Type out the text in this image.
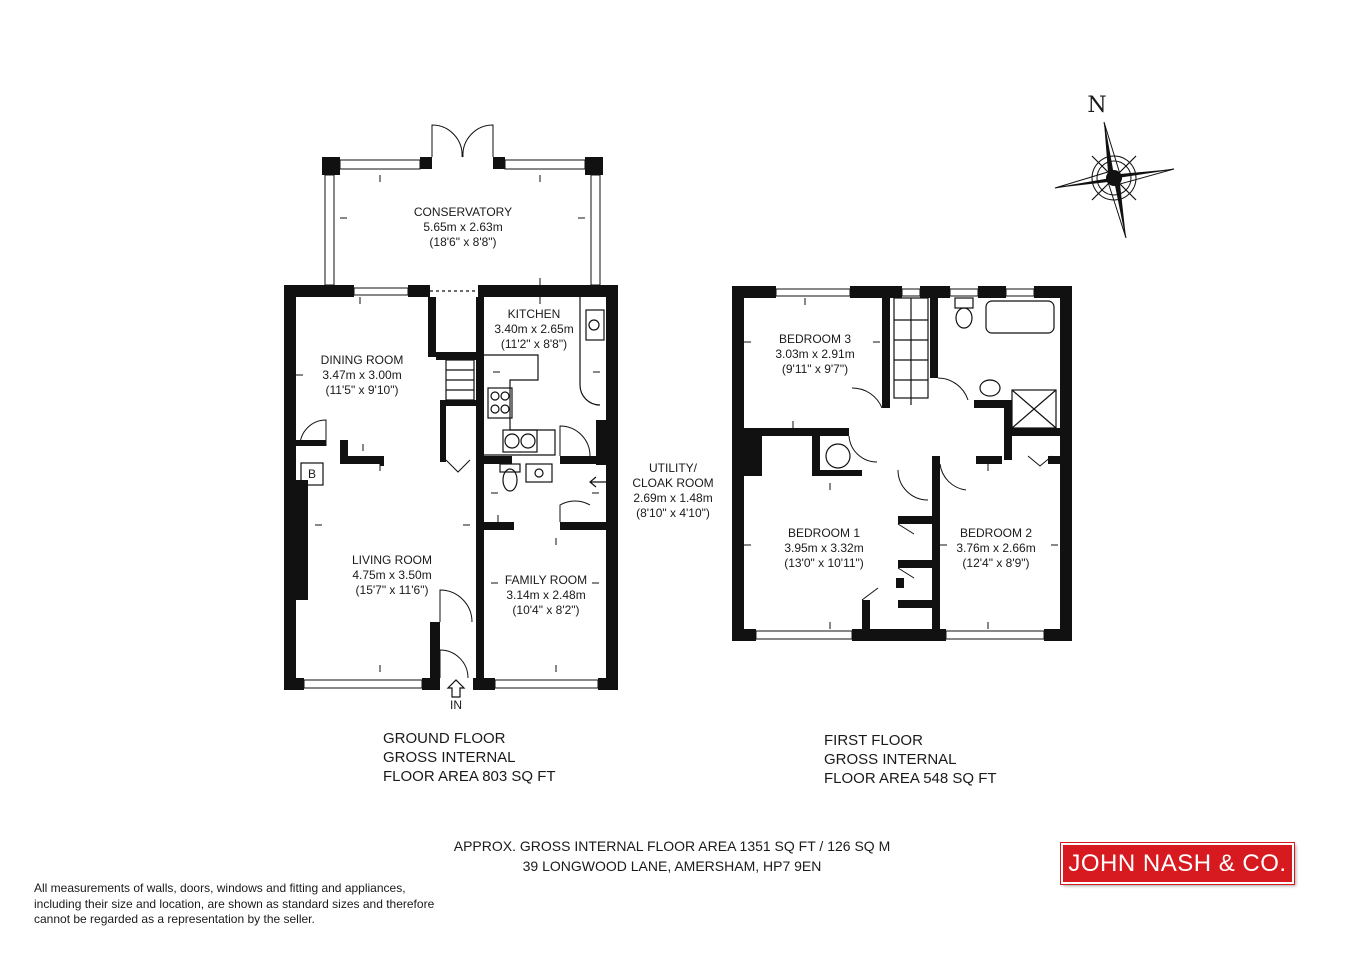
CONSERVATORY
5.65m x 2.63m
(18'6" x 8'8")
KITCHEN
3.40m x 2.65m
(11'2" x 8'8")
DINING ROOM
3.47m x 3.00m
(11'5" x 9'10")
UTILITY/
CLOAK ROOM
2.69m x 1.48m
(8'10" x 4'10")
LIVING ROOM
4.75m x 3.50m
(15'7" x 11'6")
FAMILY ROOM
3.14m x 2.48m
(10'4" x 8'2")
B
IN
BEDROOM 3
3.03m x 2.91m
(9'11" x 9'7")
BEDROOM 1
3.95m x 3.32m
(13'0" x 10'11")
BEDROOM 2
3.76m x 2.66m
(12'4" x 8'9")
N
GROUND FLOOR
GROSS INTERNAL
FLOOR AREA 803 SQ FT
FIRST FLOOR
GROSS INTERNAL
FLOOR AREA 548 SQ FT
APPROX. GROSS INTERNAL FLOOR AREA 1351 SQ FT / 126 SQ M
39 LONGWOOD LANE, AMERSHAM, HP7 9EN
All measurements of walls, doors, windows and fitting and appliances,
including their size and location, are shown as standard sizes and therefore
cannot be regarded as a representation by the seller.
JOHN NASH & CO.
